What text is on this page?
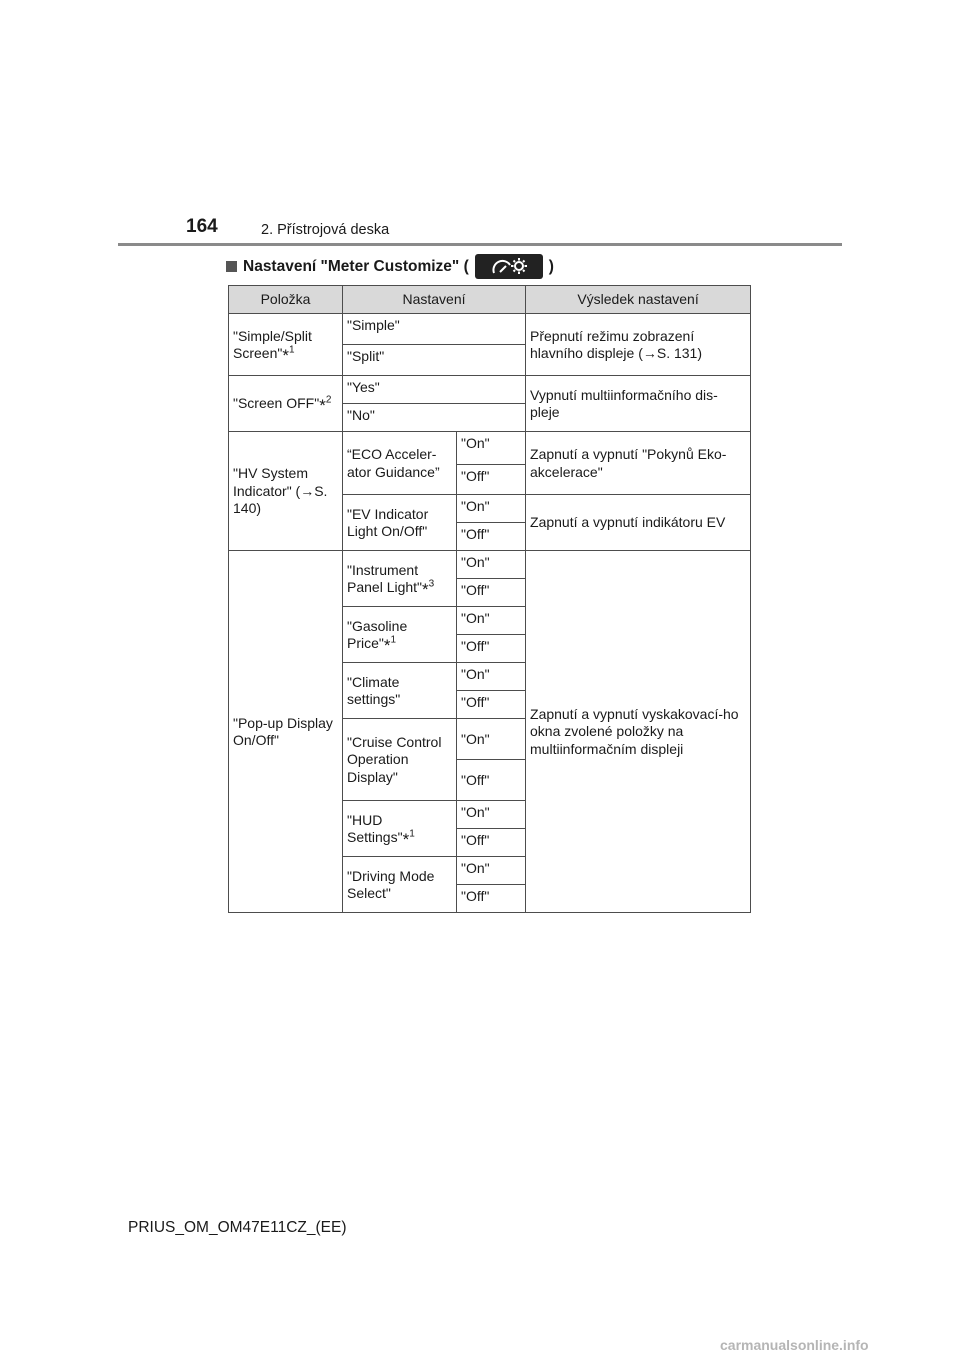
164	2. Přístrojová deska
Nastavení "Meter Customize" (	)
Položka	Nastavení		Výsledek nastavení
"Simple/Split Screen"*$^1$	"Simple"		Přepnutí režimu zobrazení hlavního displeje (→S. 131)
	"Split"		
"Screen OFF"*$^2$	"Yes"		Vypnutí multiinformačního dis-pleje
	"No"		
"HV System Indicator" (→S. 140)	“ECO Acceler-ator Guidance”	"On"	Zapnutí a vypnutí "Pokynů Eko-akcelerace"
		"Off"	
	"EV Indicator Light On/Off"	"On"	Zapnutí a vypnutí indikátoru EV
		"Off"	
"Pop-up Display On/Off"	"Instrument Panel Light"*$^3$	"On"	Zapnutí a vypnutí vyskakovací-ho okna zvolené položky na multiinformačním displeji
		"Off"	
	"Gasoline Price"*$^1$	"On"	
		"Off"	
	"Climate settings"	"On"	
		"Off"	
	"Cruise Control Operation Display"	"On"	
		"Off"	
	"HUD Settings"*$^1$	"On"	
		"Off"	
	"Driving Mode Select"	"On"	
		"Off"	
PRIUS_OM_OM47E11CZ_(EE)
carmanualsonline.info
